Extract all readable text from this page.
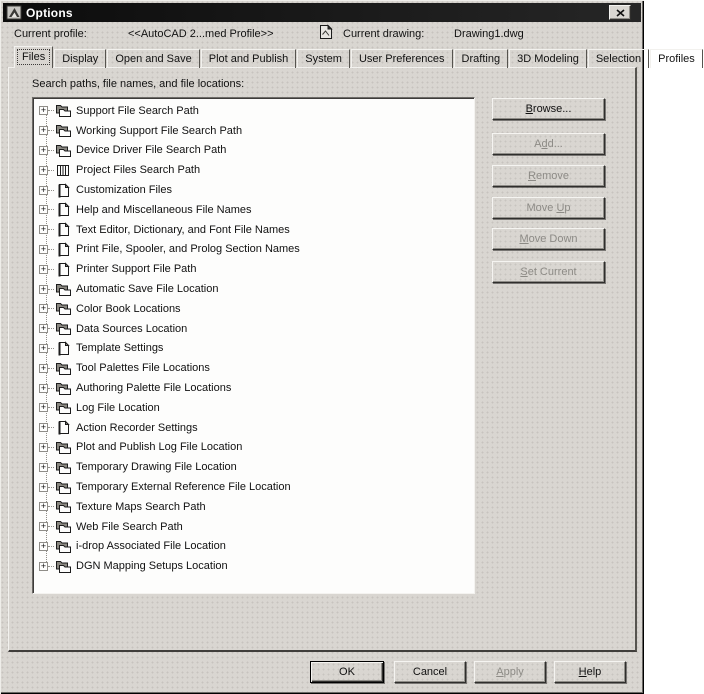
Options
Current profile:	<<AutoCAD 2...med Profile>>	Current drawing:	Drawing1.dwg
Files	Display	Open and Save	Plot and Publish	System	User Preferences	Drafting	3D Modeling	Selection	Profiles
Search paths, file names, and file locations:
+	Support File Search Path
+	Working Support File Search Path
+	Device Driver File Search Path
+	Project Files Search Path
+	Customization Files
+	Help and Miscellaneous File Names
+	Text Editor, Dictionary, and Font File Names
+	Print File, Spooler, and Prolog Section Names
+	Printer Support File Path
+	Automatic Save File Location
+	Color Book Locations
+	Data Sources Location
+	Template Settings
+	Tool Palettes File Locations
+	Authoring Palette File Locations
+	Log File Location
+	Action Recorder Settings
+	Plot and Publish Log File Location
+	Temporary Drawing File Location
+	Temporary External Reference File Location
+	Texture Maps Search Path
+	Web File Search Path
+	i-drop Associated File Location
+	DGN Mapping Setups Location
Browse...
Add...
Remove
Move Up
Move Down
Set Current
OK	Cancel	Apply	Help
